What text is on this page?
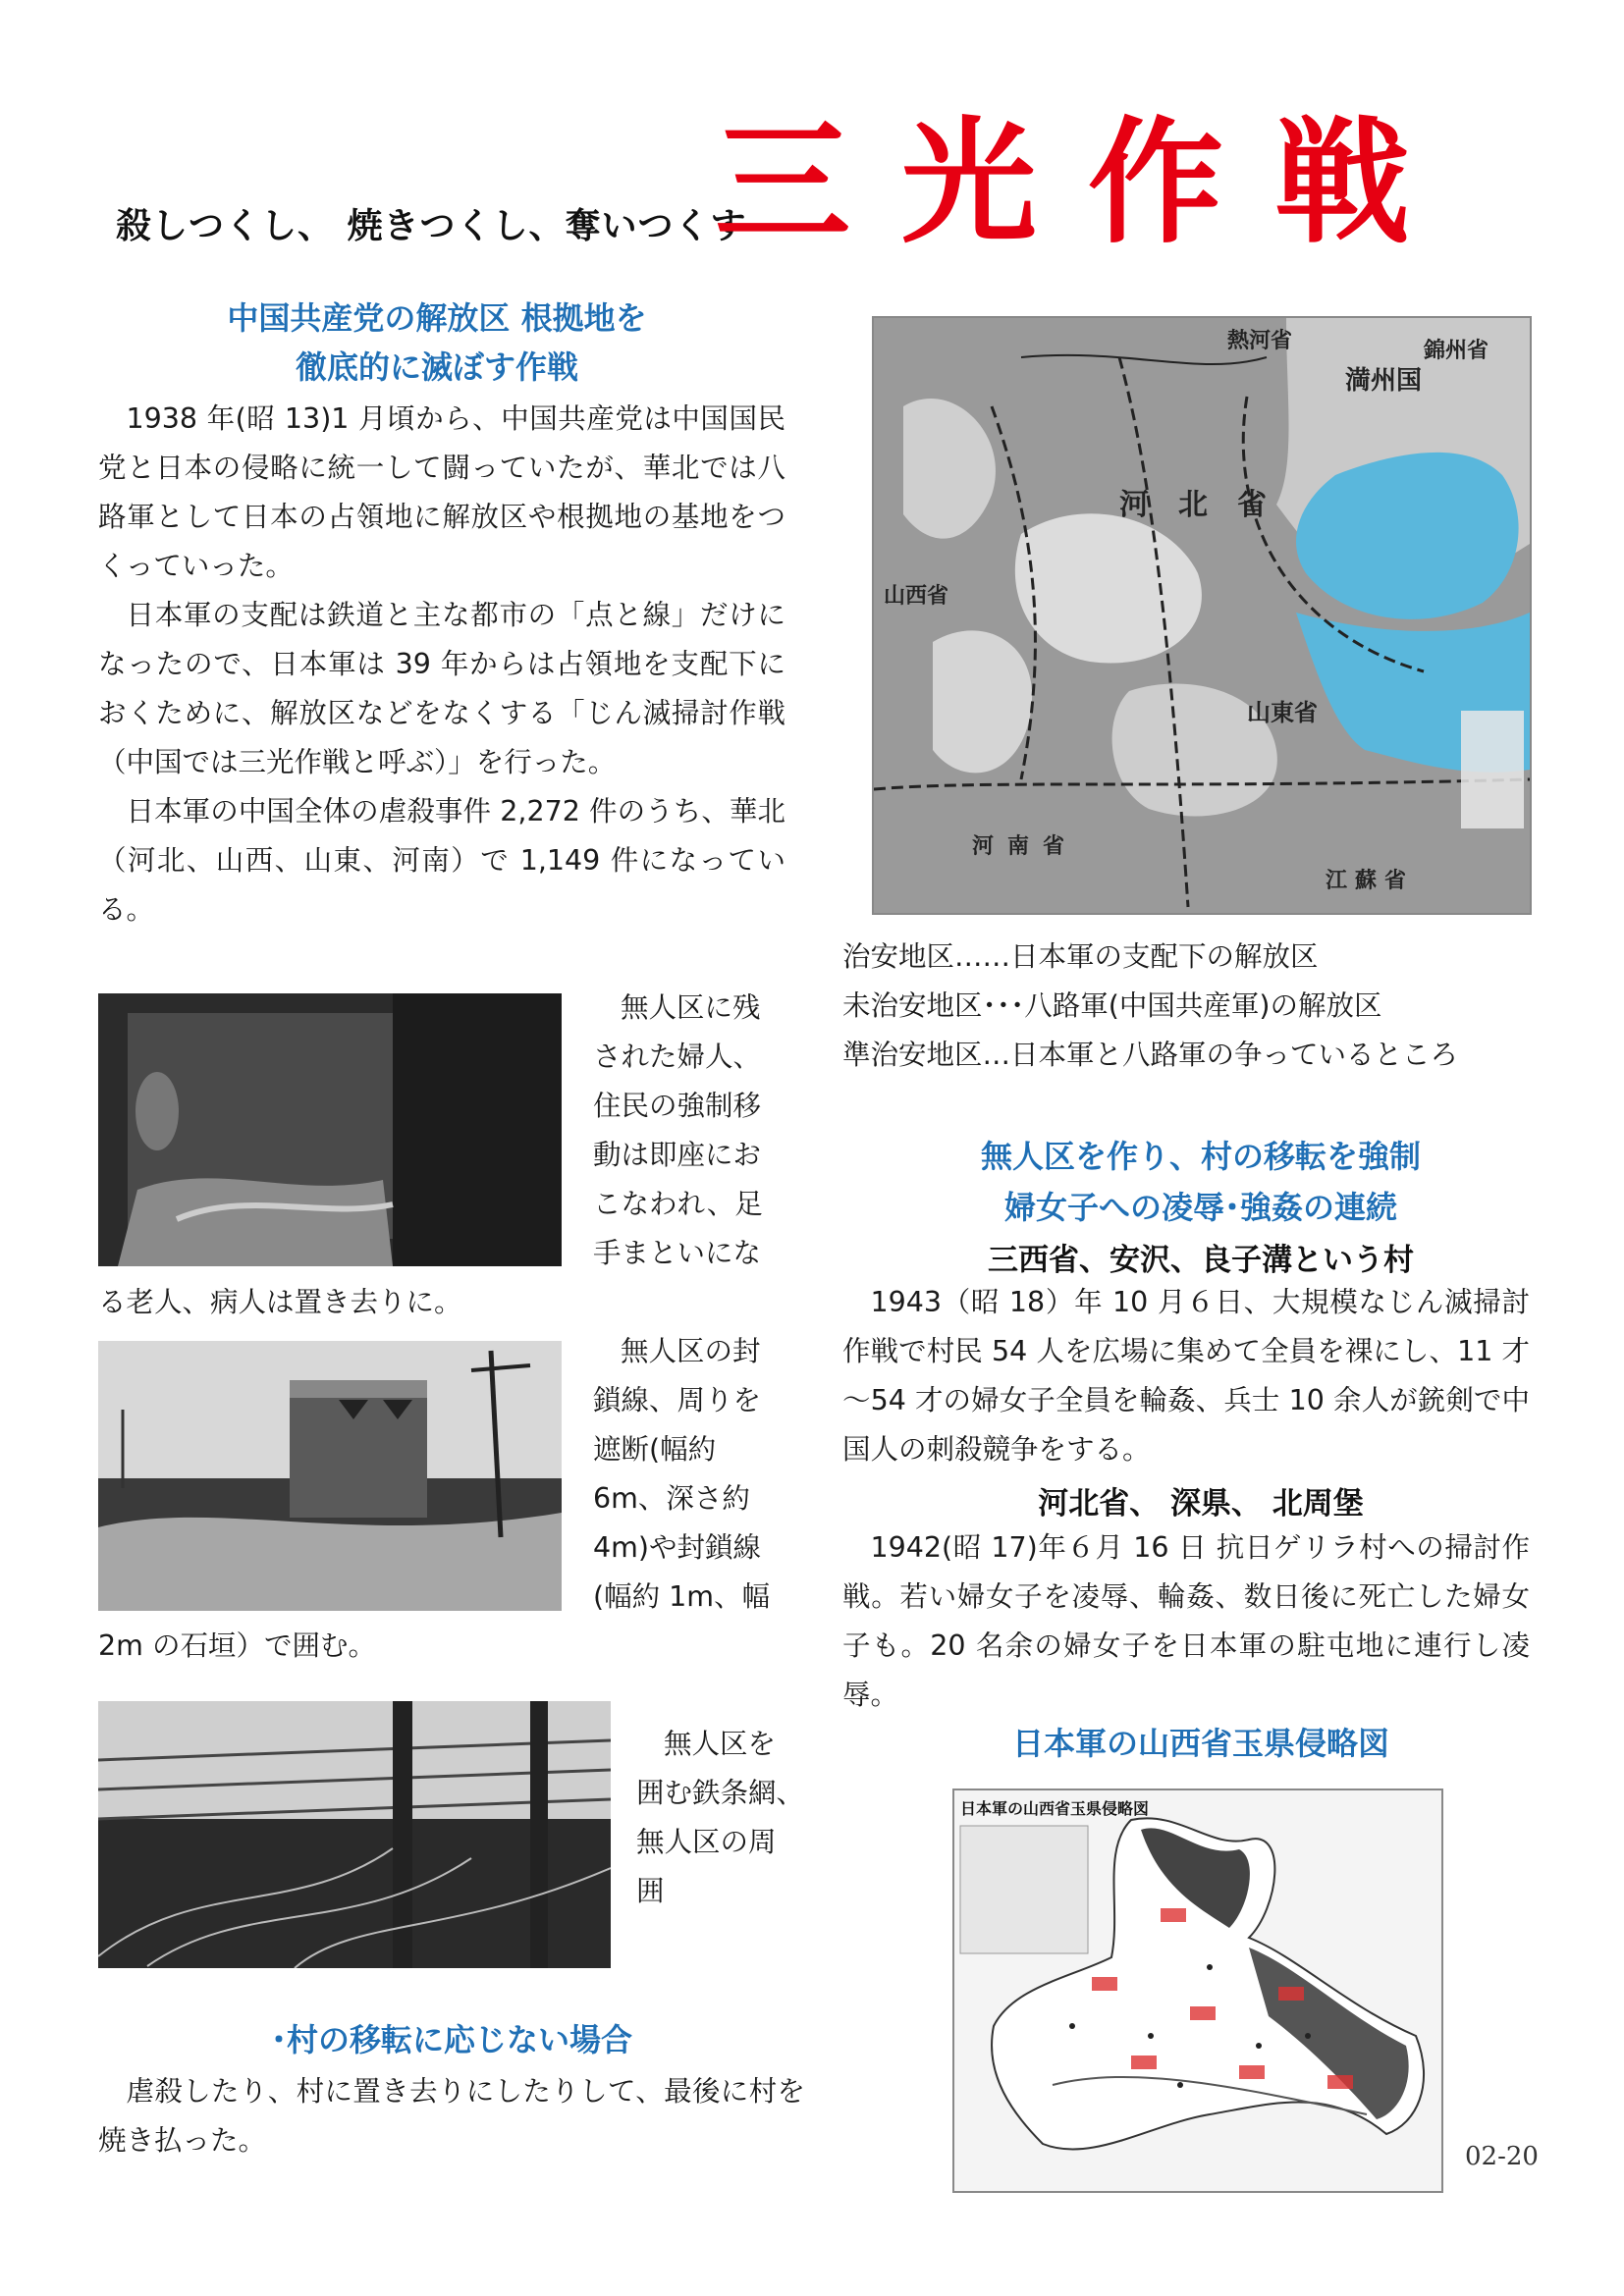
殺しつくし、 焼きつくし、奪いつくす
三光作戦
中国共産党の解放区 根拠地を
徹底的に滅ぼす作戦

1938 年(昭 13)1 月頃から、中国共産党は中国国民党と日本の侵略に統一して闘っていたが、華北では八路軍として日本の占領地に解放区や根拠地の基地をつくっていった。

日本軍の支配は鉄道と主な都市の「点と線」だけになったので、日本軍は 39 年からは占領地を支配下におくために、解放区などをなくする「じん滅掃討作戦（中国では三光作戦と呼ぶ）」を行った。

日本軍の中国全体の虐殺事件 2,272 件のうち、華北（河北、山西、山東、河南）で 1,149 件になっている。

無人区に残
された婦人、
住民の強制移
動は即座にお
こなわれ、足
手まといにな
る老人、病人は置き去りに。
無人区の封
鎖線、周りを
遮断(幅約
6m、深さ約
4m)や封鎖線
(幅約 1m、幅
2m の石垣）で囲む。
無人区を
囲む鉄条網、
無人区の周
囲
･村の移転に応じない場合

虐殺したり、村に置き去りにしたりして、最後に村を焼き払った。

熱河省	錦州省
満州国
河北省
山西省
山東省
河南省
江蘇省
治安地区……日本軍の支配下の解放区
未治安地区･･･八路軍(中国共産軍)の解放区
準治安地区…日本軍と八路軍の争っているところ
無人区を作り、村の移転を強制
婦女子への凌辱･強姦の連続
三西省、安沢、良子溝という村

1943（昭 18）年 10 月６日、大規模なじん滅掃討作戦で村民 54 人を広場に集めて全員を裸にし、11 才～54 才の婦女子全員を輪姦、兵士 10 余人が銃剣で中国人の刺殺競争をする。

河北省、 深県、 北周堡

1942(昭 17)年６月 16 日 抗日ゲリラ村への掃討作戦。若い婦女子を凌辱、輪姦、数日後に死亡した婦女子も。20 名余の婦女子を日本軍の駐屯地に連行し凌辱。

日本軍の山西省玉県侵略図
日本軍の山西省玉県侵略図
02-20
